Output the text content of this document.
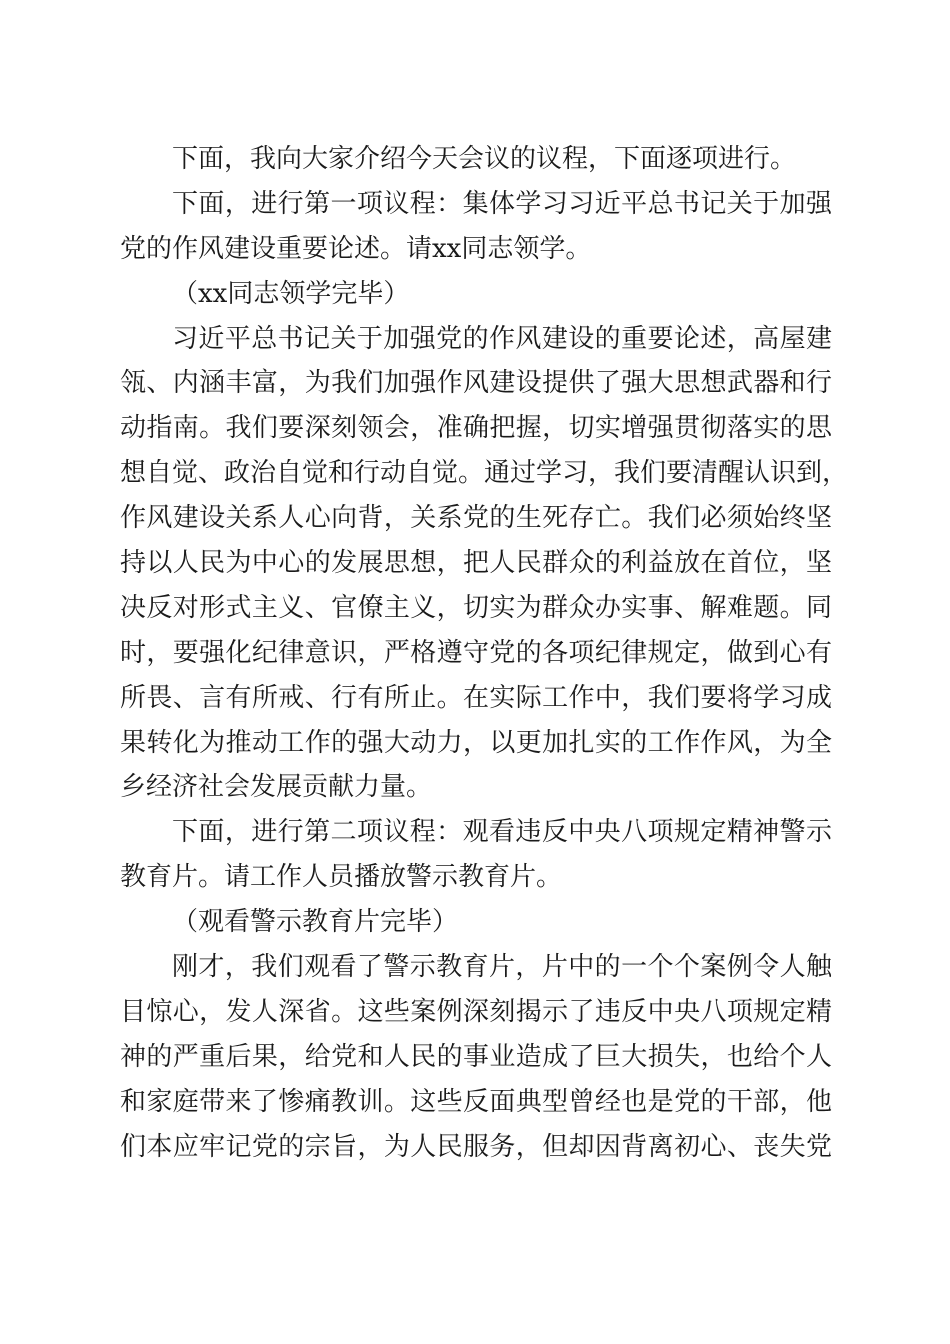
下面，我向大家介绍今天会议的议程，下面逐项进行。
下面，进行第一项议程：集体学习习近平总书记关于加强
党的作风建设重要论述。请xx同志领学。
（xx同志领学完毕）
习近平总书记关于加强党的作风建设的重要论述，高屋建
瓴、内涵丰富，为我们加强作风建设提供了强大思想武器和行
动指南。我们要深刻领会，准确把握，切实增强贯彻落实的思
想自觉、政治自觉和行动自觉。通过学习，我们要清醒认识到，
作风建设关系人心向背，关系党的生死存亡。我们必须始终坚
持以人民为中心的发展思想，把人民群众的利益放在首位，坚
决反对形式主义、官僚主义，切实为群众办实事、解难题。同
时，要强化纪律意识，严格遵守党的各项纪律规定，做到心有
所畏、言有所戒、行有所止。在实际工作中，我们要将学习成
果转化为推动工作的强大动力，以更加扎实的工作作风，为全
乡经济社会发展贡献力量。
下面，进行第二项议程：观看违反中央八项规定精神警示
教育片。请工作人员播放警示教育片。
（观看警示教育片完毕）
刚才，我们观看了警示教育片，片中的一个个案例令人触
目惊心，发人深省。这些案例深刻揭示了违反中央八项规定精
神的严重后果，给党和人民的事业造成了巨大损失，也给个人
和家庭带来了惨痛教训。这些反面典型曾经也是党的干部，他
们本应牢记党的宗旨，为人民服务，但却因背离初心、丧失党
